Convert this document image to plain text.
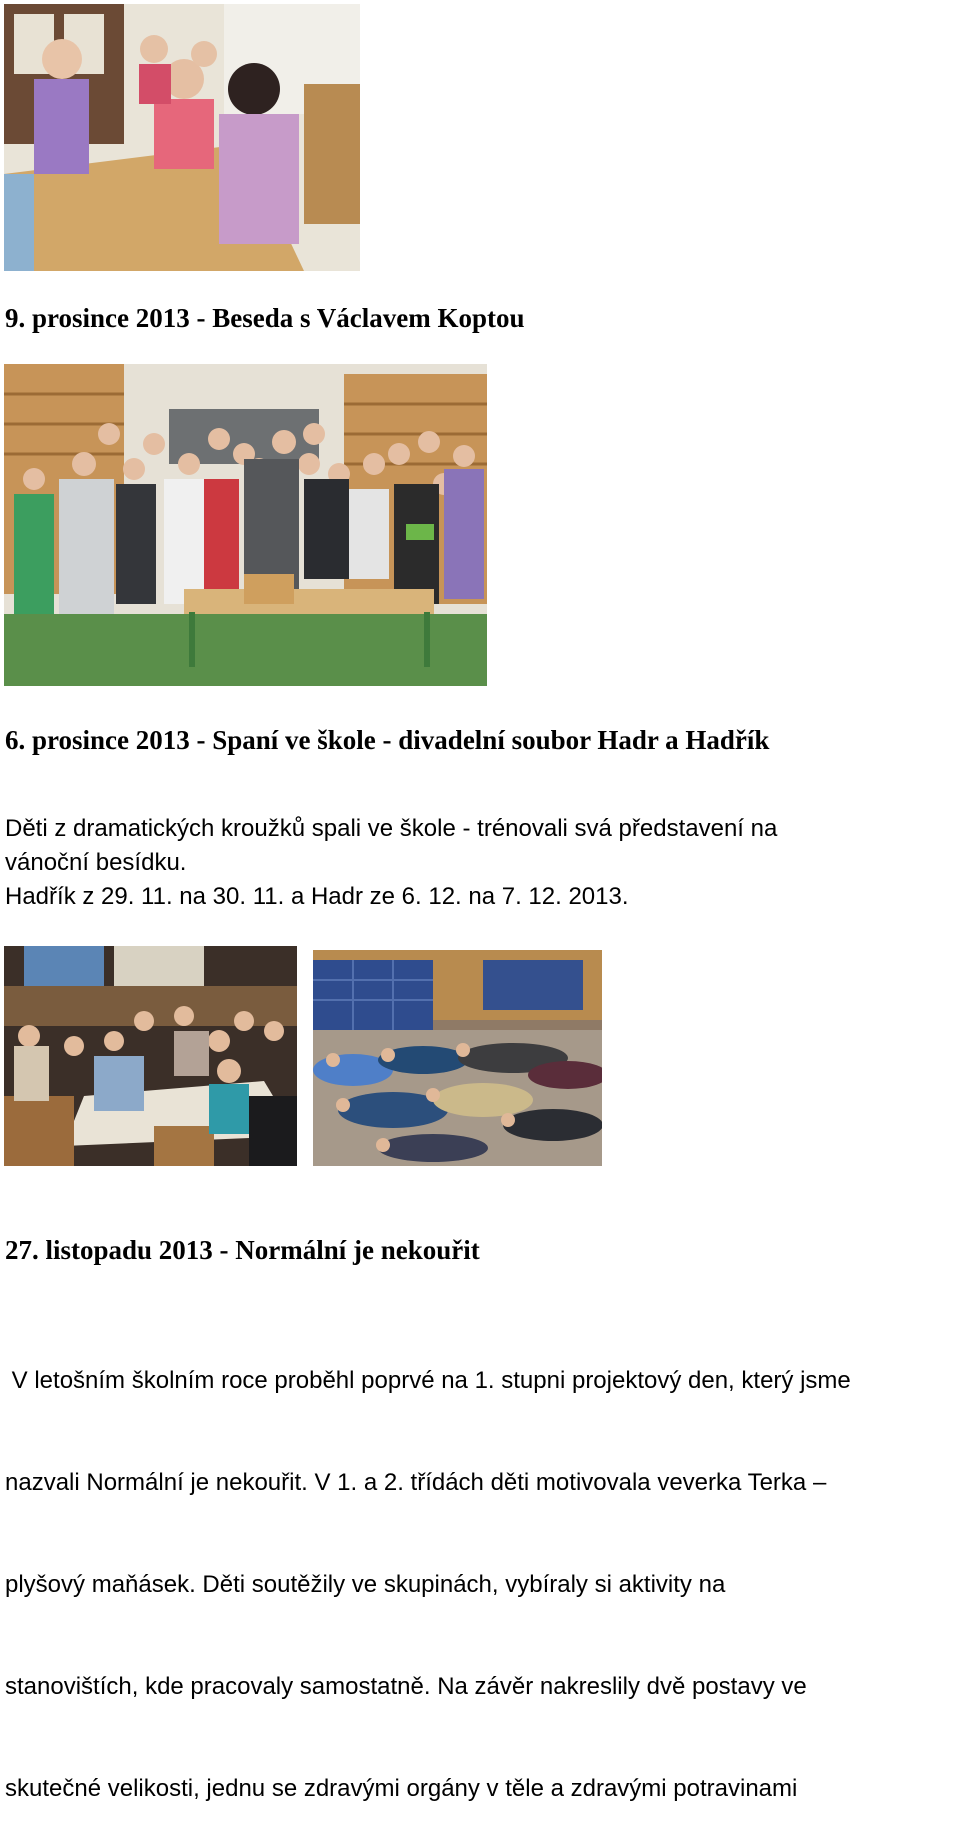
9. prosince 2013 - Beseda s Václavem Koptou
6. prosince 2013 - Spaní ve škole - divadelní soubor Hadr a Hadřík

Děti z dramatických kroužků spali ve škole - trénovali svá představení na
vánoční besídku.
Hadřík z 29. 11. na 30. 11. a Hadr ze 6. 12. na 7. 12. 2013.

27. listopadu 2013 - Normální je nekouřit

V letošním školním roce proběhl poprvé na 1. stupni projektový den, který jsme

nazvali Normální je nekouřit. V 1. a 2. třídách děti motivovala veverka Terka –

plyšový maňásek. Děti soutěžily ve skupinách, vybíraly si aktivity na

stanovištích, kde pracovaly samostatně. Na závěr nakreslily dvě postavy ve

skutečné velikosti, jednu se zdravými orgány v těle a zdravými potravinami
